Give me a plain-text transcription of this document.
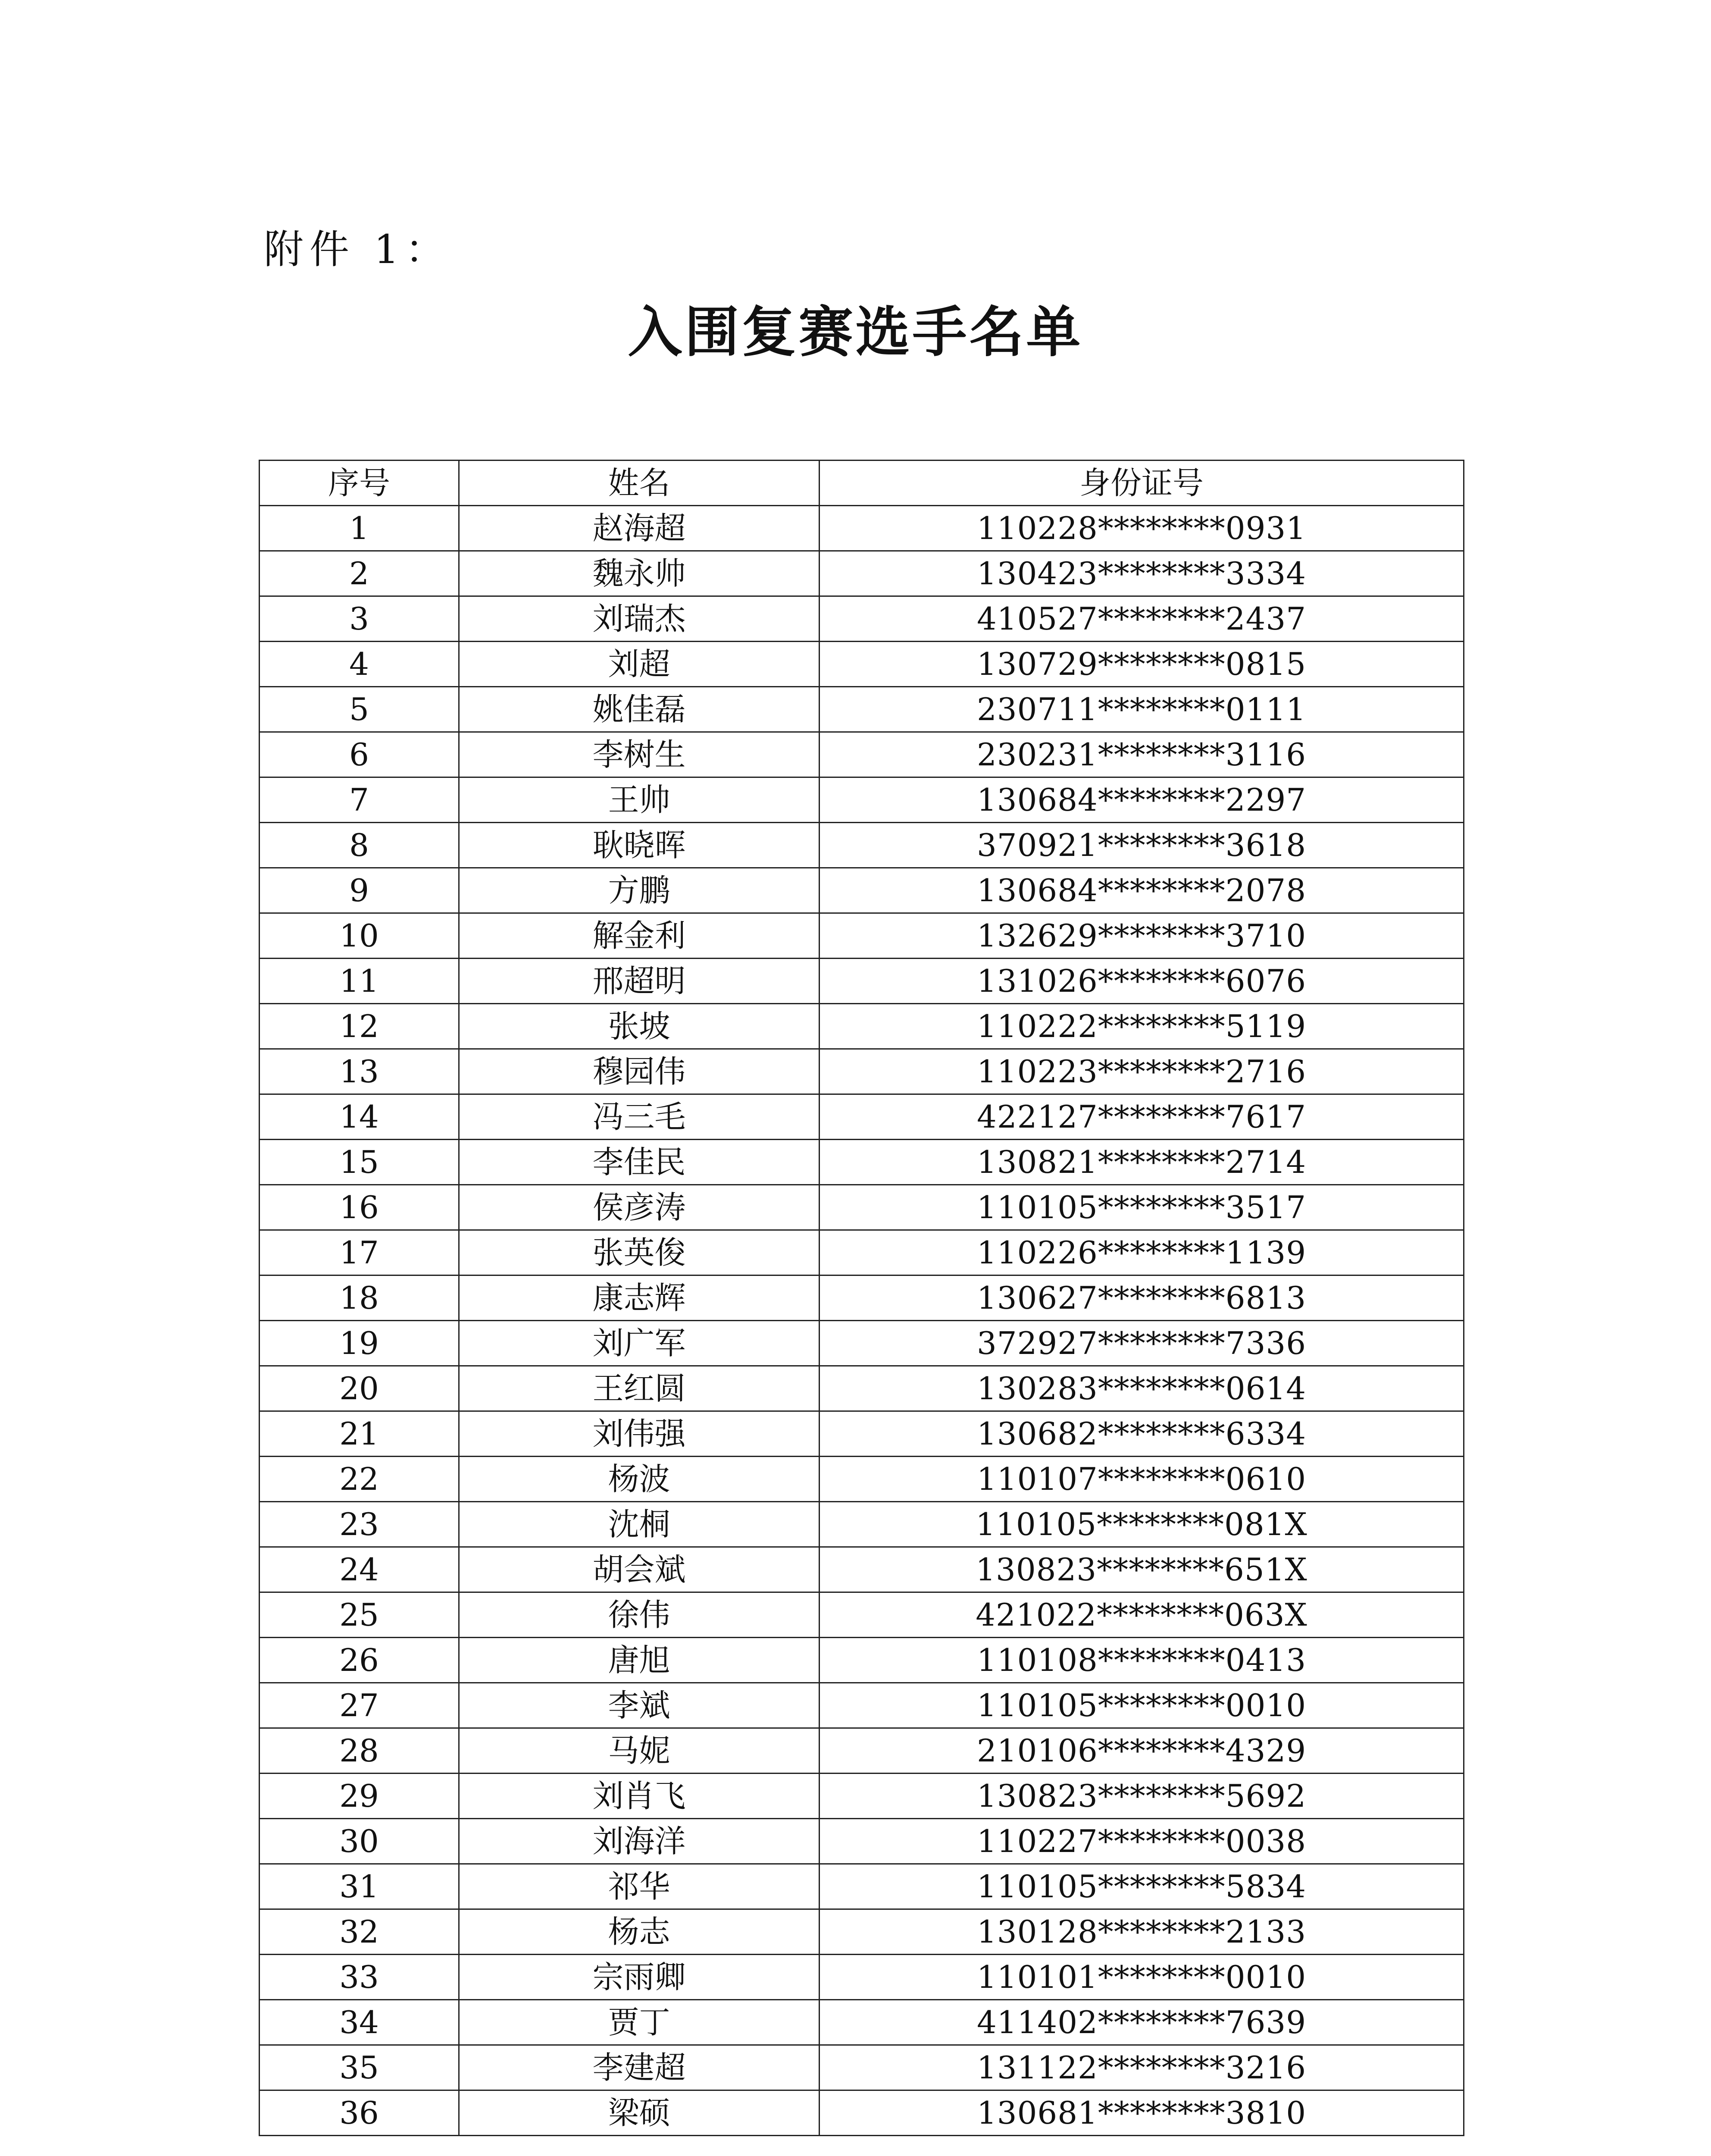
附件 1：
入围复赛选手名单
序号	姓名	身份证号
1	赵海超	110228********0931
2	魏永帅	130423********3334
3	刘瑞杰	410527********2437
4	刘超	130729********0815
5	姚佳磊	230711********0111
6	李树生	230231********3116
7	王帅	130684********2297
8	耿晓晖	370921********3618
9	方鹏	130684********2078
10	解金利	132629********3710
11	邢超明	131026********6076
12	张坡	110222********5119
13	穆园伟	110223********2716
14	冯三毛	422127********7617
15	李佳民	130821********2714
16	侯彦涛	110105********3517
17	张英俊	110226********1139
18	康志辉	130627********6813
19	刘广军	372927********7336
20	王红圆	130283********0614
21	刘伟强	130682********6334
22	杨波	110107********0610
23	沈桐	110105********081X
24	胡会斌	130823********651X
25	徐伟	421022********063X
26	唐旭	110108********0413
27	李斌	110105********0010
28	马妮	210106********4329
29	刘肖飞	130823********5692
30	刘海洋	110227********0038
31	祁华	110105********5834
32	杨志	130128********2133
33	宗雨卿	110101********0010
34	贾丁	411402********7639
35	李建超	131122********3216
36	梁硕	130681********3810
